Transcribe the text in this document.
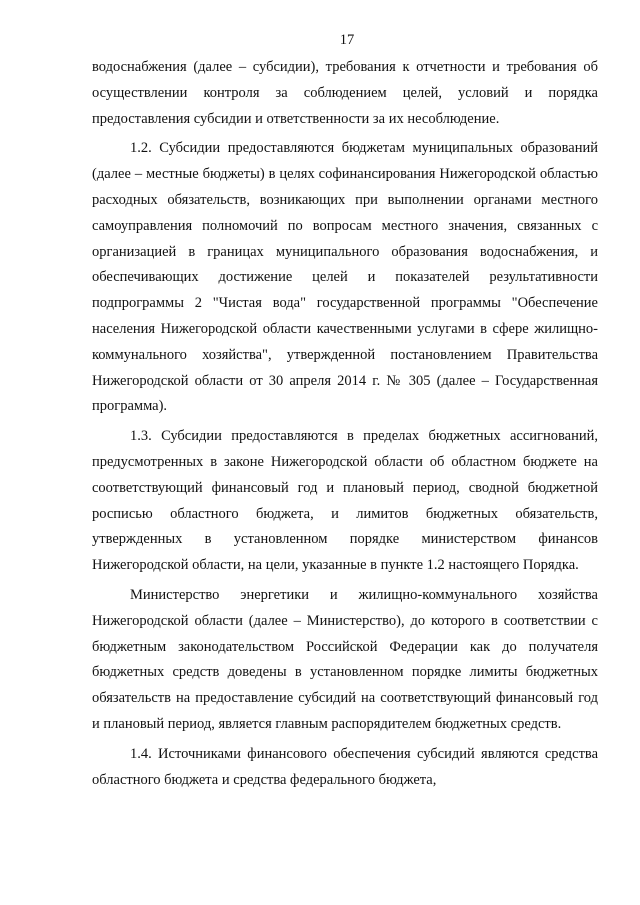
17

водоснабжения (далее – субсидии), требования к отчетности и требования об осуществлении контроля за соблюдением целей, условий и порядка предоставления субсидии и ответственности за их несоблюдение.

1.2. Субсидии предоставляются бюджетам муниципальных образований (далее – местные бюджеты) в целях софинансирования Нижегородской областью расходных обязательств, возникающих при выполнении органами местного самоуправления полномочий по вопросам местного значения, связанных с организацией в границах муниципального образования водоснабжения, и обеспечивающих достижение целей и показателей результативности подпрограммы 2 "Чистая вода" государственной программы "Обеспечение населения Нижегородской области качественными услугами в сфере жилищно-коммунального хозяйства", утвержденной постановлением Правительства Нижегородской области от 30 апреля 2014 г. № 305 (далее – Государственная программа).

1.3. Субсидии предоставляются в пределах бюджетных ассигнований, предусмотренных в законе Нижегородской области об областном бюджете на соответствующий финансовый год и плановый период, сводной бюджетной росписью областного бюджета, и лимитов бюджетных обязательств, утвержденных в установленном порядке министерством финансов Нижегородской области, на цели, указанные в пункте 1.2 настоящего Порядка.

Министерство энергетики и жилищно-коммунального хозяйства Нижегородской области (далее – Министерство), до которого в соответствии с бюджетным законодательством Российской Федерации как до получателя бюджетных средств доведены в установленном порядке лимиты бюджетных обязательств на предоставление субсидий на соответствующий финансовый год и плановый период, является главным распорядителем бюджетных средств.

1.4. Источниками финансового обеспечения субсидий являются средства областного бюджета и средства федерального бюджета,
